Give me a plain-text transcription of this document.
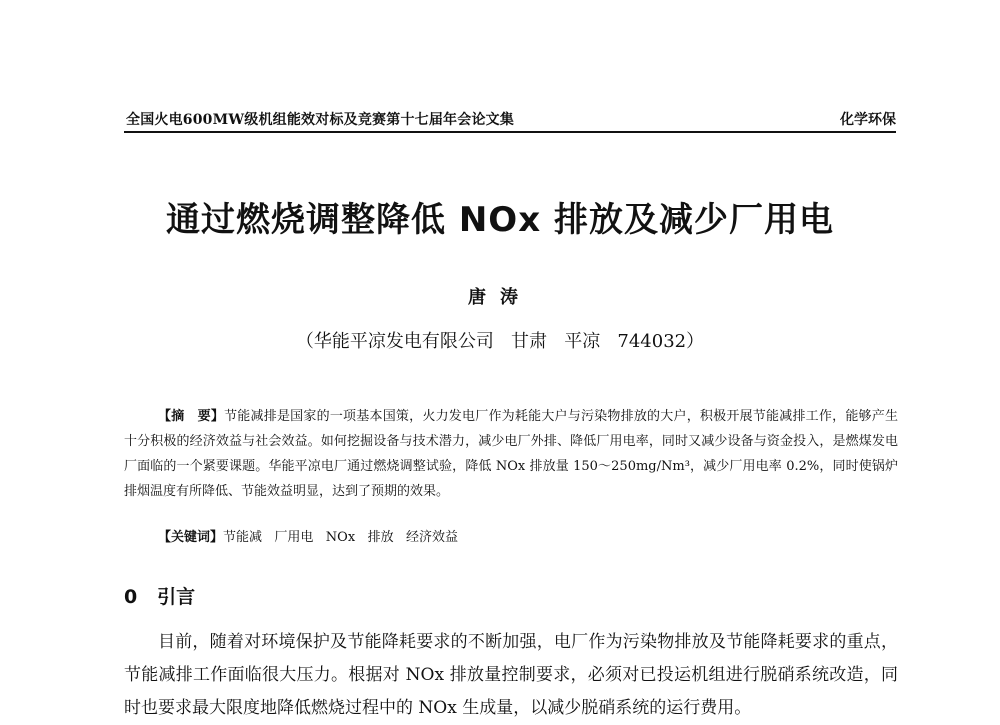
全国火电600MW级机组能效对标及竞赛第十七届年会论文集	化学环保
通过燃烧调整降低 NOx 排放及减少厂用电
唐涛
（华能平凉发电有限公司   甘肃   平凉   744032）
【摘　要】节能减排是国家的一项基本国策，火力发电厂作为耗能大户与污染物排放的大户，积极开展节能减排工作，能够产生十分积极的经济效益与社会效益。如何挖掘设备与技术潜力，减少电厂外排、降低厂用电率，同时又减少设备与资金投入，是燃煤发电厂面临的一个紧要课题。华能平凉电厂通过燃烧调整试验，降低 NOx 排放量 150～250mg/Nm³，减少厂用电率 0.2%，同时使锅炉排烟温度有所降低、节能效益明显，达到了预期的效果。
【关键词】节能减   厂用电   NOx   排放   经济效益
0   引言
目前，随着对环境保护及节能降耗要求的不断加强，电厂作为污染物排放及节能降耗要求的重点，节能减排工作面临很大压力。根据对 NOx 排放量控制要求，必须对已投运机组进行脱硝系统改造，同时也要求最大限度地降低燃烧过程中的 NOx 生成量，以减少脱硝系统的运行费用。
